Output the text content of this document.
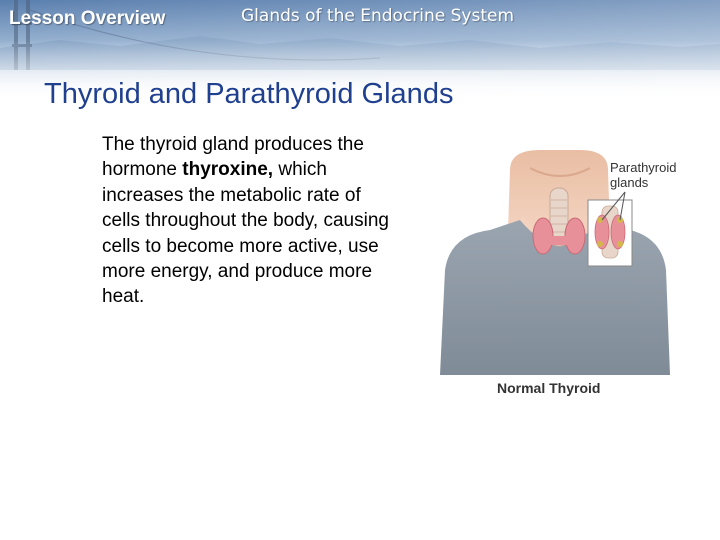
Lesson Overview	Glands of the Endocrine System
Thyroid and Parathyroid Glands

The thyroid gland produces the hormone thyroxine, which increases the metabolic rate of cells throughout the body, causing cells to become more active, use more energy, and produce more heat.

Parathyroid
glands
Normal Thyroid
